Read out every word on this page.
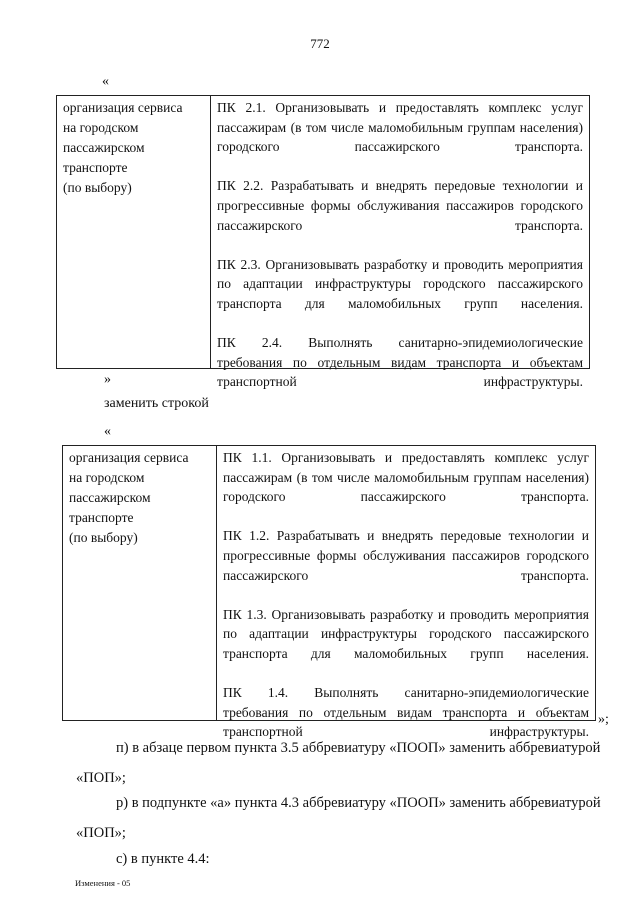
772
«
организация сервиса
на городском
пассажирском
транспорте
(по выбору)

ПК 2.1. Организовывать и предоставлять комплекс услуг пассажирам (в том числе маломобильным группам населения) городского пассажирского транспорта.

ПК 2.2. Разрабатывать и внедрять передовые технологии и прогрессивные формы обслуживания пассажиров городского пассажирского транспорта.

ПК 2.3. Организовывать разработку и проводить мероприятия по адаптации инфраструктуры городского пассажирского транспорта для маломобильных групп населения.

ПК 2.4. Выполнять санитарно-эпидемиологические требования по отдельным видам транспорта и объектам транспортной инфраструктуры.

»
заменить строкой
«
организация сервиса
на городском
пассажирском
транспорте
(по выбору)

ПК 1.1. Организовывать и предоставлять комплекс услуг пассажирам (в том числе маломобильным группам населения) городского пассажирского транспорта.

ПК 1.2. Разрабатывать и внедрять передовые технологии и прогрессивные формы обслуживания пассажиров городского пассажирского транспорта.

ПК 1.3. Организовывать разработку и проводить мероприятия по адаптации инфраструктуры городского пассажирского транспорта для маломобильных групп населения.

ПК 1.4. Выполнять санитарно-эпидемиологические требования по отдельным видам транспорта и объектам транспортной инфраструктуры.

»;
п) в абзаце первом пункта 3.5 аббревиатуру «ПООП» заменить аббревиатурой
«ПОП»;
р) в подпункте «а» пункта 4.3 аббревиатуру «ПООП» заменить аббревиатурой
«ПОП»;
с) в пункте 4.4:
Изменения - 05
